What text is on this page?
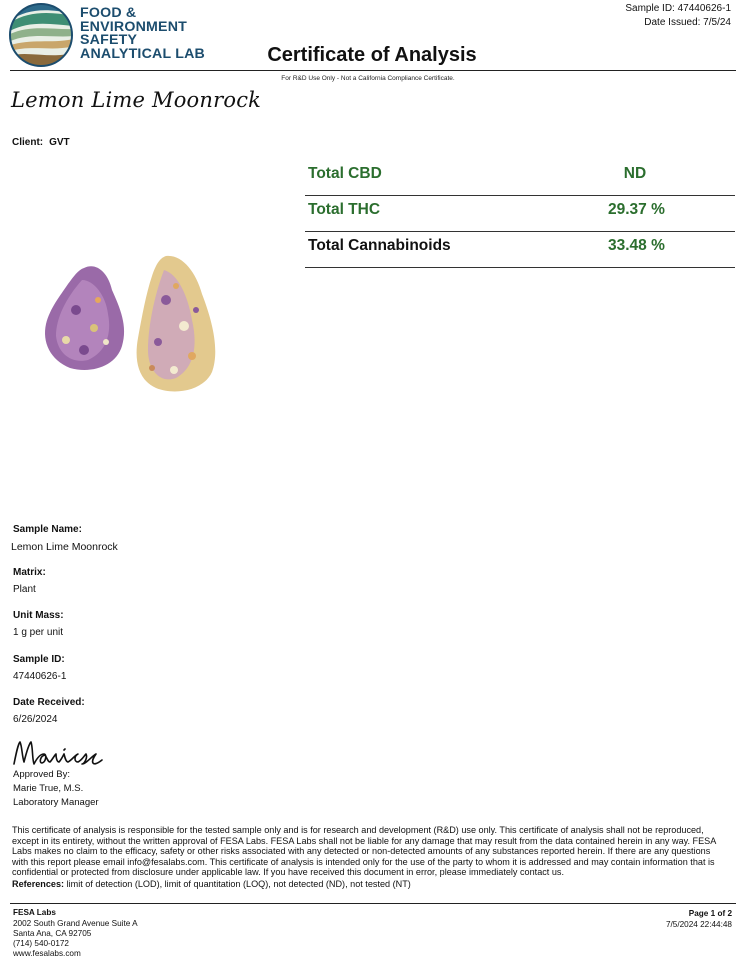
FOOD &
ENVIRONMENT
SAFETY
ANALYTICAL LAB
Sample ID: 47440626-1
Date Issued: 7/5/24
Certificate of Analysis
For R&D Use Only - Not a California Compliance Certificate.
Lemon Lime Moonrock
Client: GVT
Total CBD	ND
Total THC	29.37 %
Total Cannabinoids	33.48 %
Sample Name:
Lemon Lime Moonrock
Matrix:
Plant
Unit Mass:
1 g per unit
Sample ID:
47440626-1
Date Received:
6/26/2024
Approved By:
Marie True, M.S.
Laboratory Manager
This certificate of analysis is responsible for the tested sample only and is for research and development (R&D) use only. This certificate of analysis shall not be reproduced, except in its entirety, without the written approval of FESA Labs. FESA Labs shall not be liable for any damage that may result from the data contained herein in any way. FESA Labs makes no claim to the efficacy, safety or other risks associated with any detected or non-detected amounts of any substances reported herein. If there are any questions with this report please email info@fesalabs.com. This certificate of analysis is intended only for the use of the party to whom it is addressed and may contain information that is confidential or protected from disclosure under applicable law. If you have received this document in error, please immediately contact us.
References: limit of detection (LOD), limit of quantitation (LOQ), not detected (ND), not tested (NT)
FESA Labs
2002 South Grand Avenue Suite A
Santa Ana, CA 92705
(714) 540-0172
www.fesalabs.com
Page 1 of 2
7/5/2024 22:44:48
